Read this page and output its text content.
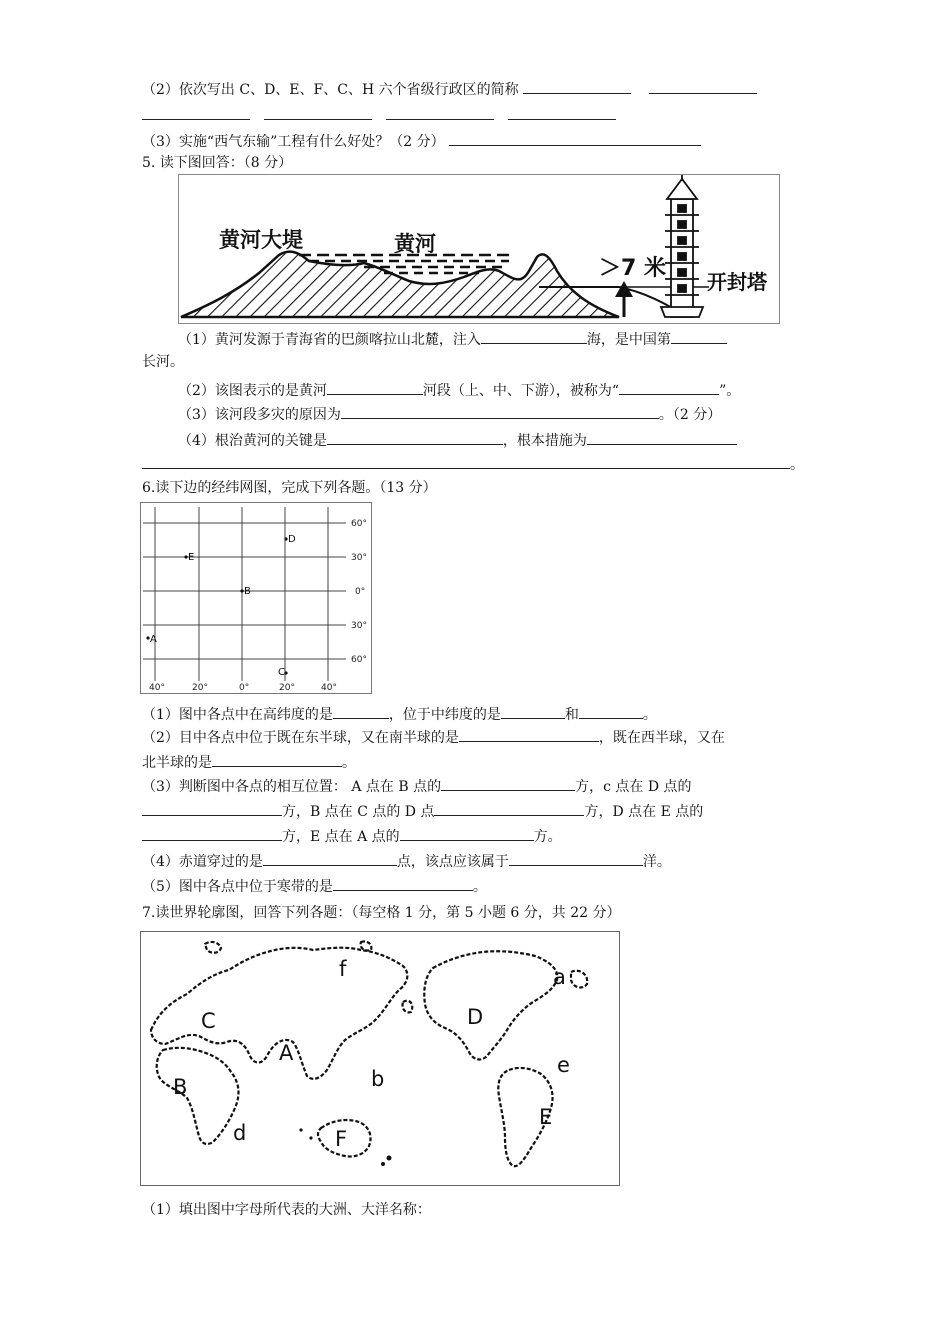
（2）依次写出 C、D、E、F、C、H 六个省级行政区的简称
（3）实施“西气东输”工程有什么好处？（2 分）
5. 读下图回答：（8 分）
黄河大堤	黄河
＞7 米
开封塔
（1）黄河发源于青海省的巴颜喀拉山北麓，注入	海，是中国第
长河。
（2）该图表示的是黄河	河段（上、中、下游），被称为“	”。
（3）该河段多灾的原因为	。（2 分）
（4）根治黄河的关键是	，根本措施为
。
6.读下边的经纬网图，完成下列各题。（13 分）
60°
30°
0°
30°
60°
40°	20°	0°	20°	40°
D
E
B
A
C
（1）图中各点中在高纬度的是	，位于中纬度的是	和	。
（2）目中各点中位于既在东半球，又在南半球的是	，既在西半球，又在
北半球的是	。
（3）判断图中各点的相互位置： A 点在 B 点的	方，c 点在 D 点的
方，B 点在 C 点的 D 点	方，D 点在 E 点的
方，E 点在 A 点的	方。
（4）赤道穿过的是	点，该点应该属于	洋。
（5）图中各点中位于寒带的是	。
7.读世界轮廓图，回答下列各题：（每空格 1 分，第 5 小题 6 分，共 22 分）
f	a
C	D
A	e
b
B
E
d	F
（1）填出图中字母所代表的大洲、大洋名称：
